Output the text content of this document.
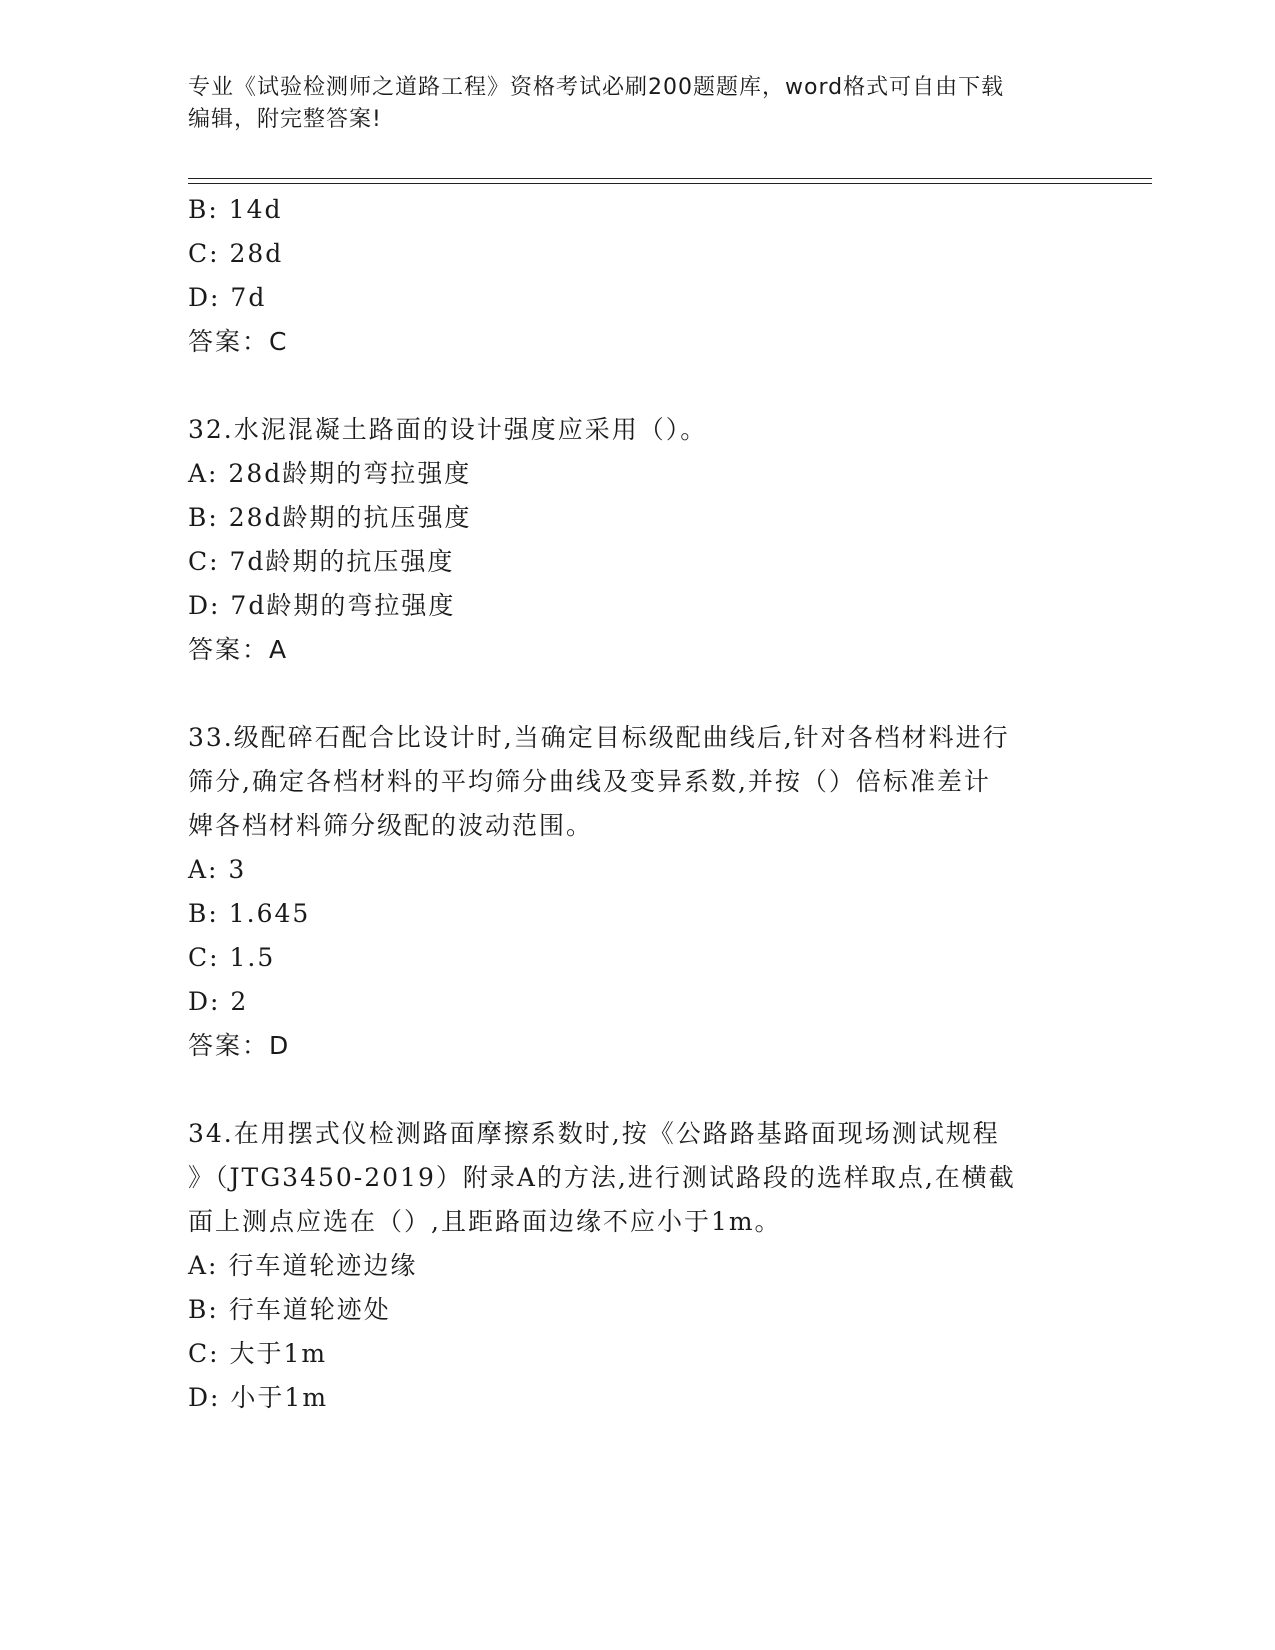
专业《试验检测师之道路工程》资格考试必刷200题题库，word格式可自由下载
编辑，附完整答案!
B: 14d
C: 28d
D: 7d
答案：C
32.水泥混凝土路面的设计强度应采用（）。
A: 28d龄期的弯拉强度
B: 28d龄期的抗压强度
C: 7d龄期的抗压强度
D: 7d龄期的弯拉强度
答案：A
33.级配碎石配合比设计时,当确定目标级配曲线后,针对各档材料进行
筛分,确定各档材料的平均筛分曲线及变异系数,并按（）倍标准差计
婢各档材料筛分级配的波动范围。
A: 3
B: 1.645
C: 1.5
D: 2
答案：D
34.在用摆式仪检测路面摩擦系数时,按《公路路基路面现场测试规程
》（JTG3450-2019）附录A的方法,进行测试路段的选样取点,在横截
面上测点应选在（）,且距路面边缘不应小于1m。
A: 行车道轮迹边缘
B: 行车道轮迹处
C: 大于1m
D: 小于1m
